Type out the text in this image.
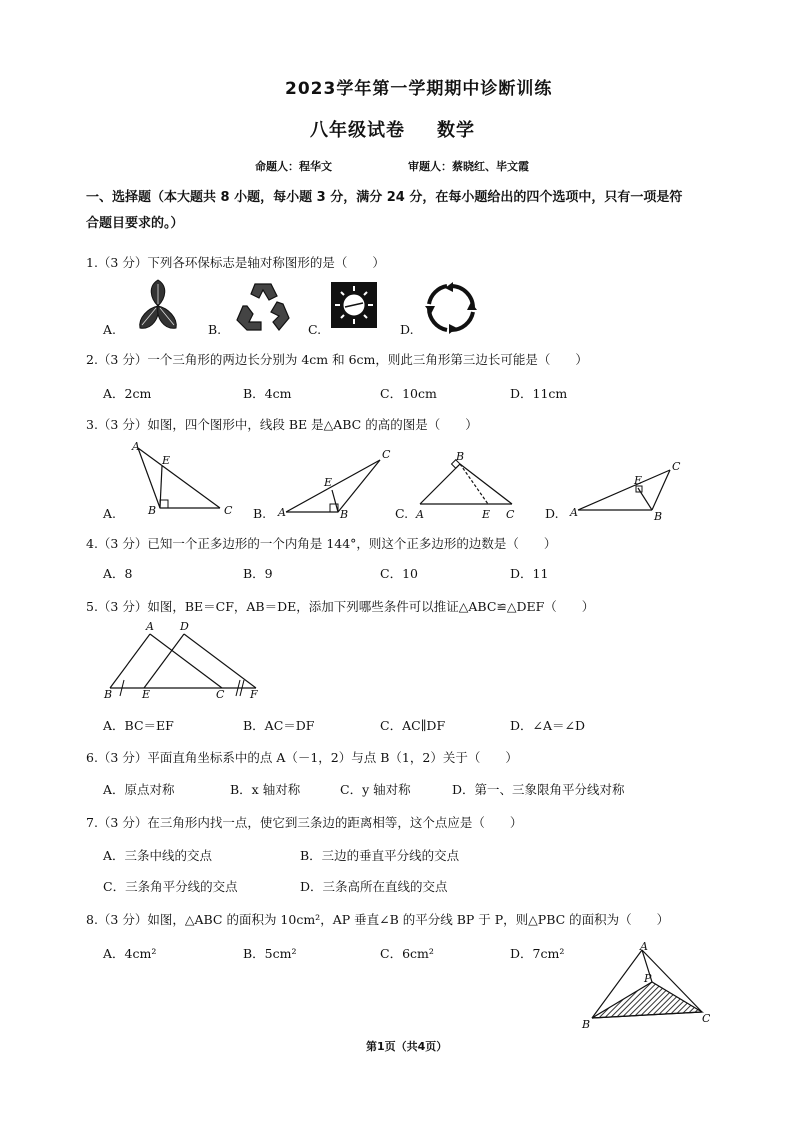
2023学年第一学期期中诊断训练
八年级试卷 数学
命题人：程华文	审题人：蔡晓红、毕文霞
一、选择题（本大题共 8 小题，每小题 3 分，满分 24 分，在每小题给出的四个选项中，只有一项是符
合题目要求的。）
1.（3 分）下列各环保标志是轴对称图形的是（　　）
A.	B.	C.	D.
2.（3 分）一个三角形的两边长分别为 4cm 和 6cm，则此三角形第三边长可能是（　　）
A．2cm	B．4cm	C．10cm	D．11cm
3.（3 分）如图，四个图形中，线段 BE 是△ABC 的高的图是（　　）
A
E
B	C	A
E
B
C	B
A	E C	A
E
B
C
A.	B.	C.	D.
4.（3 分）已知一个正多边形的一个内角是 144°，则这个正多边形的边数是（　　）
A．8	B．9	C．10	D．11
5.（3 分）如图，BE＝CF，AB＝DE，添加下列哪些条件可以推证△ABC≌△DEF（　　）
A D
B	E	C F
A．BC＝EF	B．AC＝DF	C．AC∥DF	D．∠A＝∠D
6.（3 分）平面直角坐标系中的点 A（－1，2）与点 B（1，2）关于（　　）
A．原点对称	B．x 轴对称	C．y 轴对称	D．第一、三象限角平分线对称
7.（3 分）在三角形内找一点，使它到三条边的距离相等，这个点应是（　　）
A．三条中线的交点	B．三边的垂直平分线的交点
C．三条角平分线的交点	D．三条高所在直线的交点
8.（3 分）如图，△ABC 的面积为 10cm²，AP 垂直∠B 的平分线 BP 于 P，则△PBC 的面积为（　　）
A．4cm²	B．5cm²	C．6cm²	D．7cm²	A
P
B	C
第1页（共4页）
